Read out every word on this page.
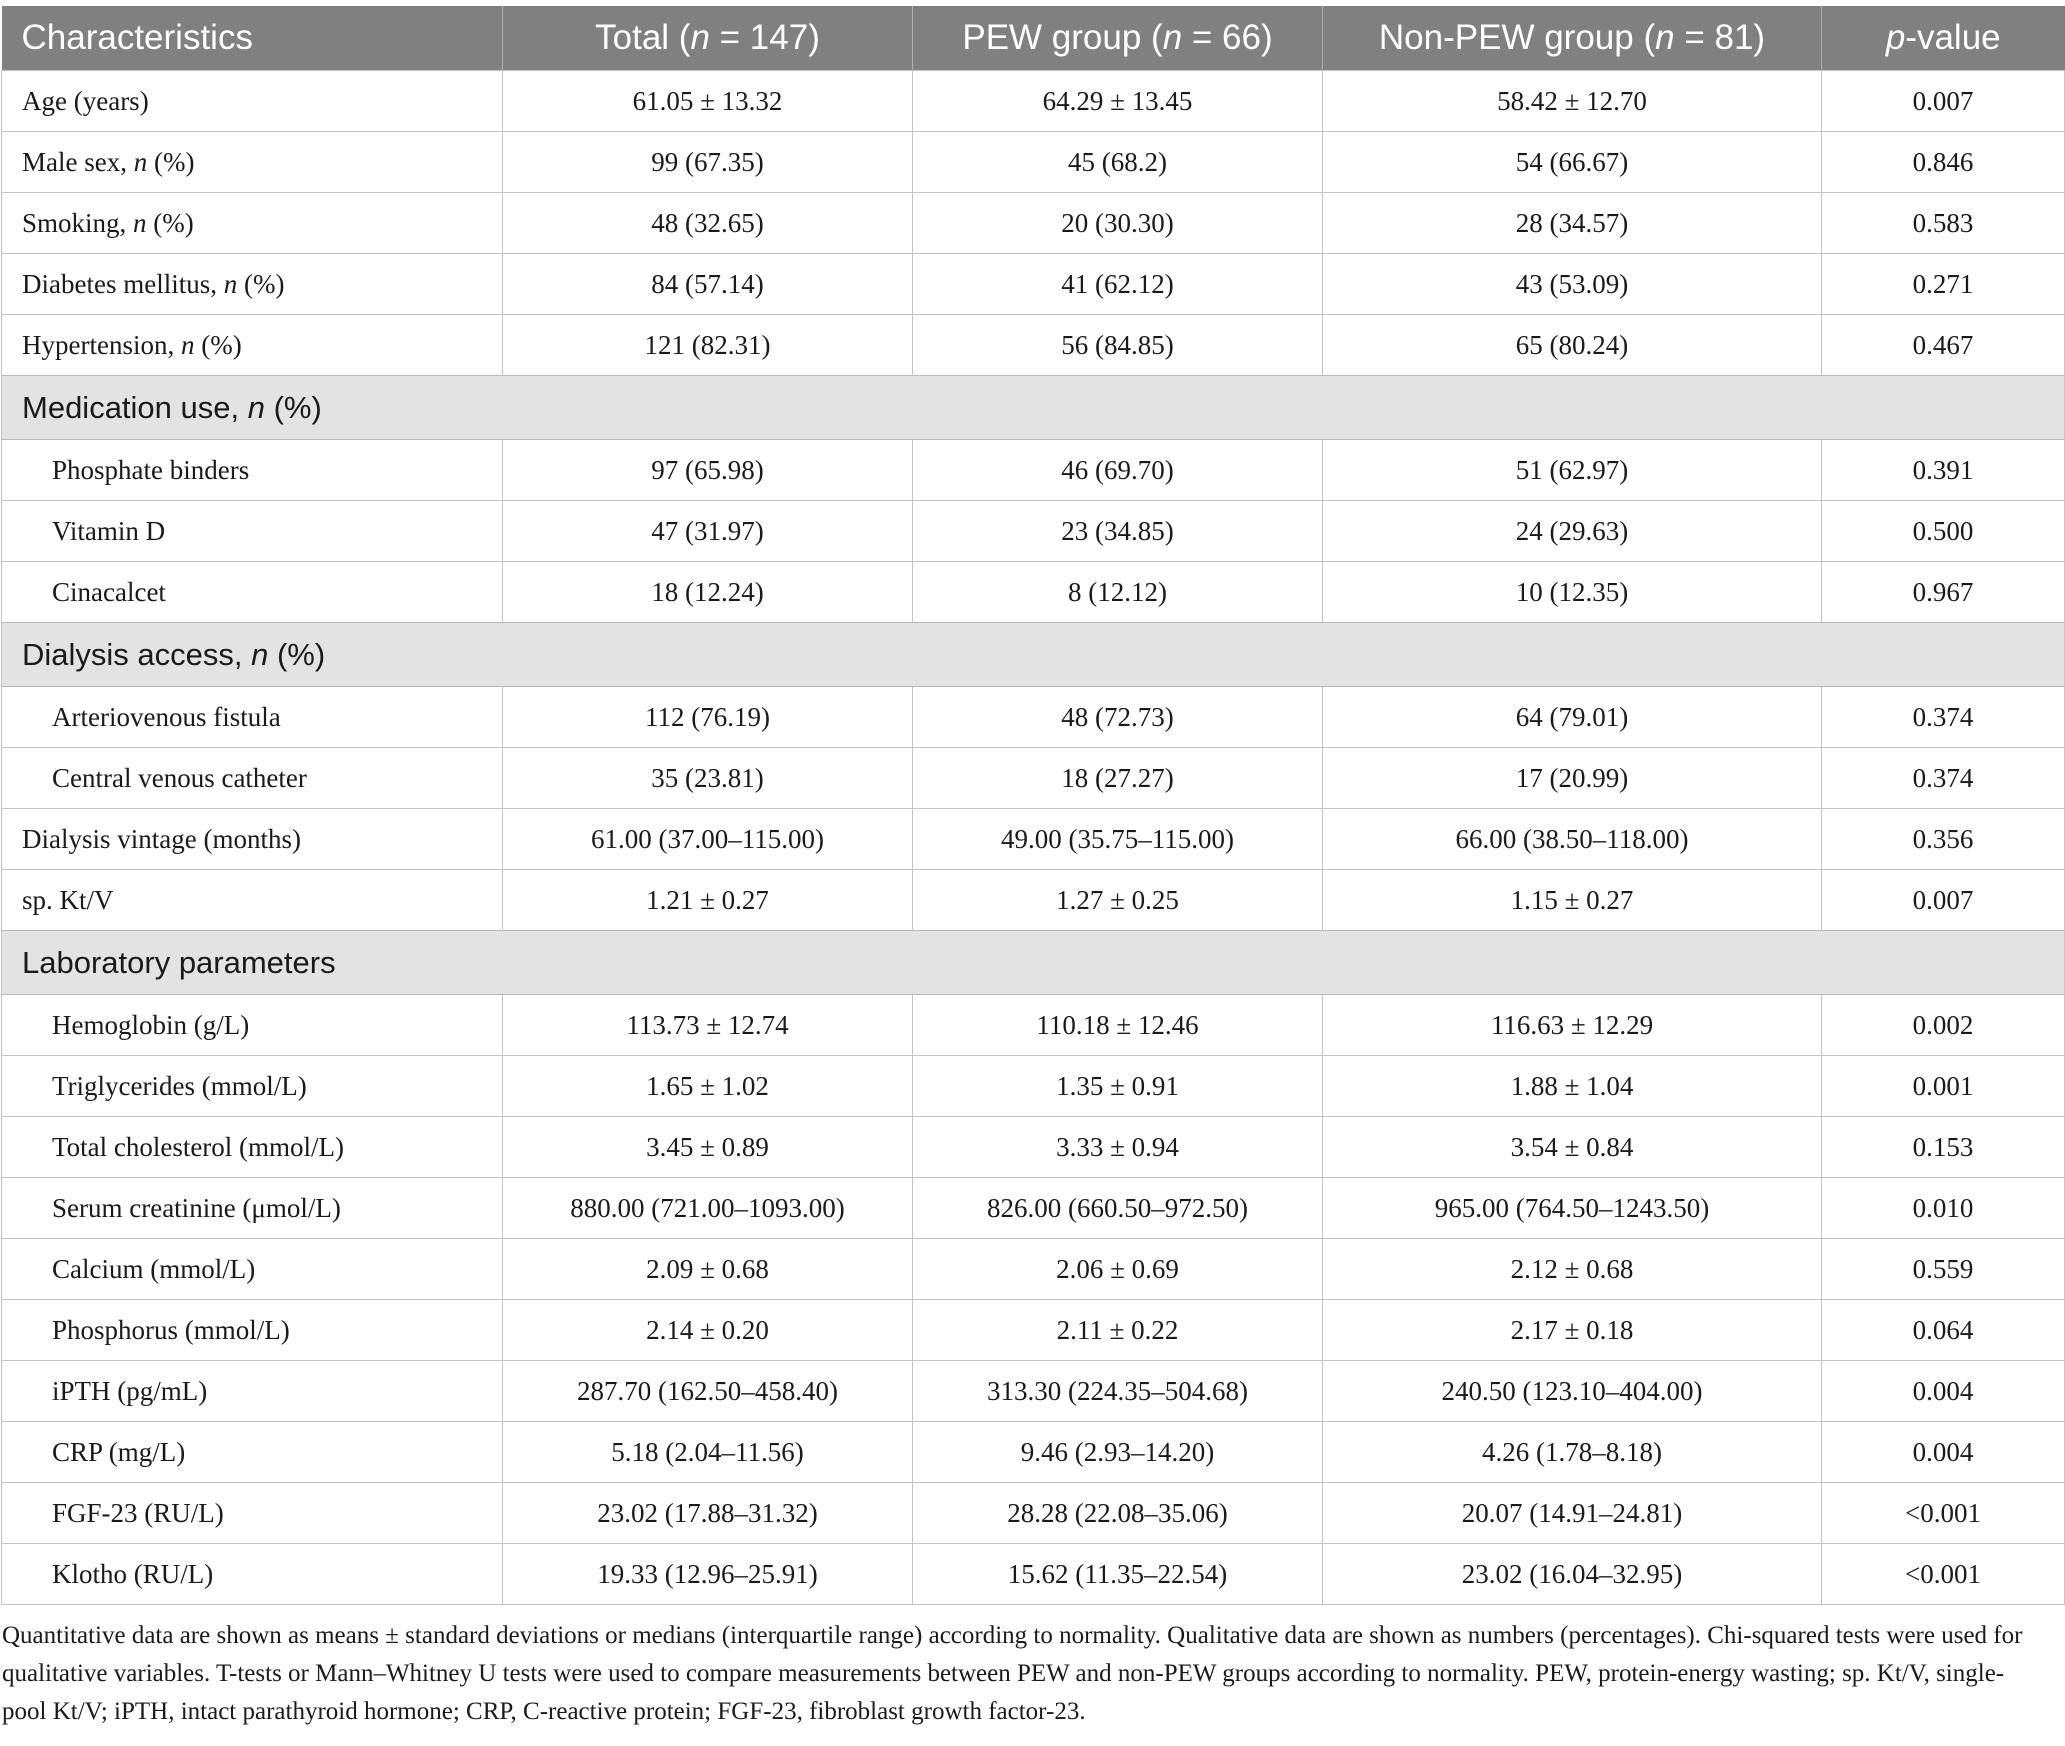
Characteristics	Total (n = 147)	PEW group (n = 66)	Non-PEW group (n = 81)	p-value
Age (years)	61.05 ± 13.32	64.29 ± 13.45	58.42 ± 12.70	0.007
Male sex, n (%)	99 (67.35)	45 (68.2)	54 (66.67)	0.846
Smoking, n (%)	48 (32.65)	20 (30.30)	28 (34.57)	0.583
Diabetes mellitus, n (%)	84 (57.14)	41 (62.12)	43 (53.09)	0.271
Hypertension, n (%)	121 (82.31)	56 (84.85)	65 (80.24)	0.467
Medication use, n (%)				
Phosphate binders	97 (65.98)	46 (69.70)	51 (62.97)	0.391
Vitamin D	47 (31.97)	23 (34.85)	24 (29.63)	0.500
Cinacalcet	18 (12.24)	8 (12.12)	10 (12.35)	0.967
Dialysis access, n (%)				
Arteriovenous fistula	112 (76.19)	48 (72.73)	64 (79.01)	0.374
Central venous catheter	35 (23.81)	18 (27.27)	17 (20.99)	0.374
Dialysis vintage (months)	61.00 (37.00–115.00)	49.00 (35.75–115.00)	66.00 (38.50–118.00)	0.356
sp. Kt/V	1.21 ± 0.27	1.27 ± 0.25	1.15 ± 0.27	0.007
Laboratory parameters				
Hemoglobin (g/L)	113.73 ± 12.74	110.18 ± 12.46	116.63 ± 12.29	0.002
Triglycerides (mmol/L)	1.65 ± 1.02	1.35 ± 0.91	1.88 ± 1.04	0.001
Total cholesterol (mmol/L)	3.45 ± 0.89	3.33 ± 0.94	3.54 ± 0.84	0.153
Serum creatinine (μmol/L)	880.00 (721.00–1093.00)	826.00 (660.50–972.50)	965.00 (764.50–1243.50)	0.010
Calcium (mmol/L)	2.09 ± 0.68	2.06 ± 0.69	2.12 ± 0.68	0.559
Phosphorus (mmol/L)	2.14 ± 0.20	2.11 ± 0.22	2.17 ± 0.18	0.064
iPTH (pg/mL)	287.70 (162.50–458.40)	313.30 (224.35–504.68)	240.50 (123.10–404.00)	0.004
CRP (mg/L)	5.18 (2.04–11.56)	9.46 (2.93–14.20)	4.26 (1.78–8.18)	0.004
FGF-23 (RU/L)	23.02 (17.88–31.32)	28.28 (22.08–35.06)	20.07 (14.91–24.81)	<0.001
Klotho (RU/L)	19.33 (12.96–25.91)	15.62 (11.35–22.54)	23.02 (16.04–32.95)	<0.001
Quantitative data are shown as means ± standard deviations or medians (interquartile range) according to normality. Qualitative data are shown as numbers (percentages). Chi-squared tests were used for qualitative variables. T-tests or Mann–Whitney U tests were used to compare measurements between PEW and non-PEW groups according to normality. PEW, protein-energy wasting; sp. Kt/V, single-pool Kt/V; iPTH, intact parathyroid hormone; CRP, C-reactive protein; FGF-23, fibroblast growth factor-23.
